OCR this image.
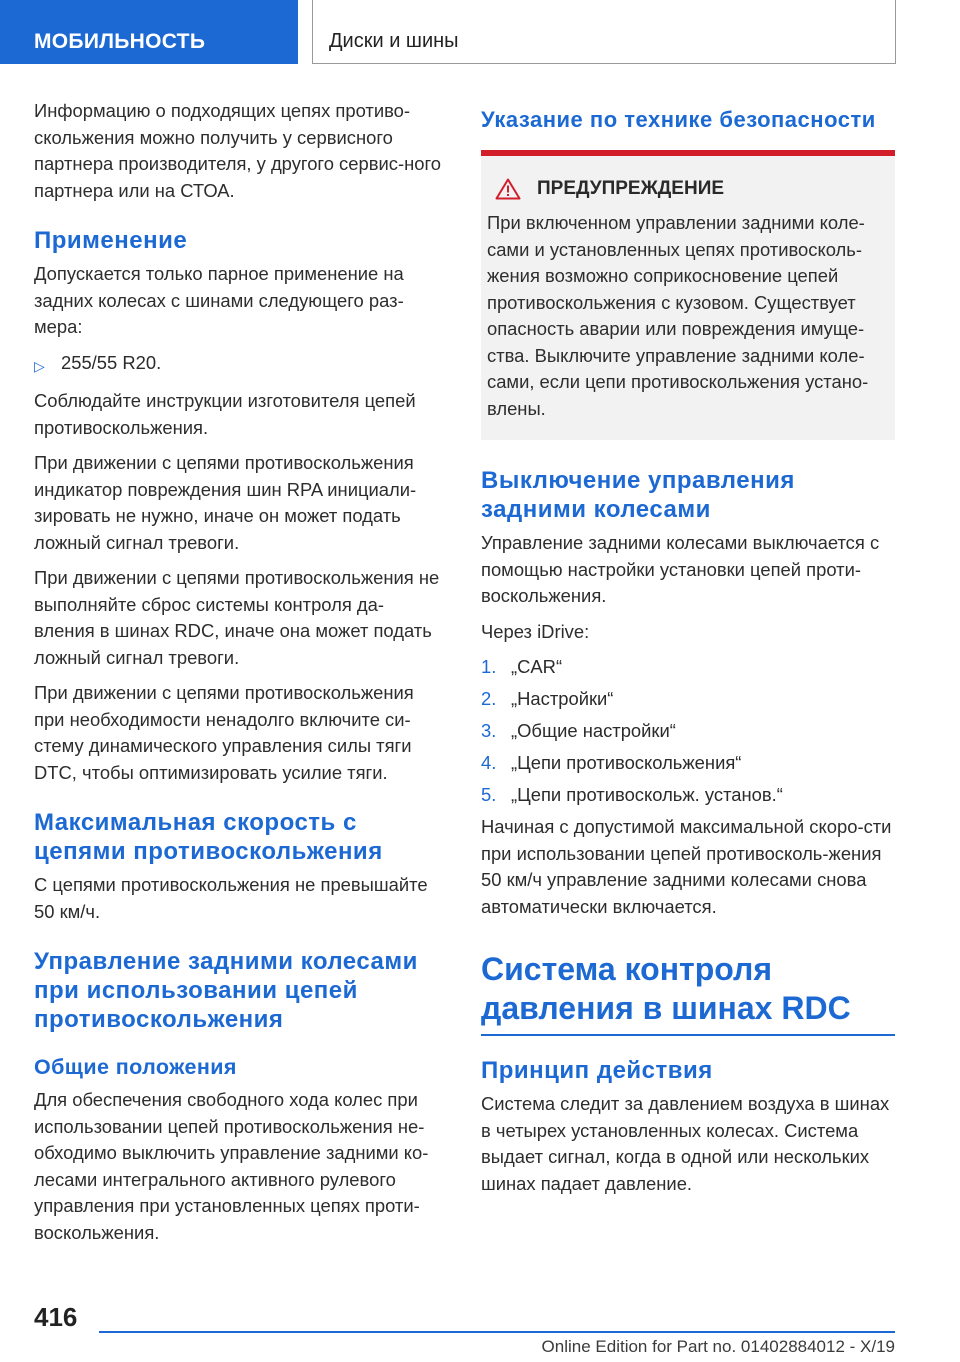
МОБИЛЬНОСТЬ	Диски и шины

Информацию о подходящих цепях противо-скольжения можно получить у сервисного партнера производителя, у другого сервис-ного партнера или на СТОА.

Применение

Допускается только парное применение на задних колесах с шинами следующего раз-мера:

▷ 255/55 R20.

Соблюдайте инструкции изготовителя цепей противоскольжения.

При движении с цепями противоскольжения индикатор повреждения шин RPA инициали-зировать не нужно, иначе он может подать ложный сигнал тревоги.

При движении с цепями противоскольжения не выполняйте сброс системы контроля да-вления в шинах RDC, иначе она может подать ложный сигнал тревоги.

При движении с цепями противоскольжения при необходимости ненадолго включите си-стему динамического управления силы тяги DTC, чтобы оптимизировать усилие тяги.

Максимальная скорость с цепями противоскольжения

С цепями противоскольжения не превышайте 50 км/ч.

Управление задними колесами при использовании цепей противоскольжения
Общие положения

Для обеспечения свободного хода колес при использовании цепей противоскольжения не-обходимо выключить управление задними ко-лесами интегрального активного рулевого управления при установленных цепях проти-воскольжения.

Указание по технике безопасности
ПРЕДУПРЕЖДЕНИЕ

При включенном управлении задними коле-сами и установленных цепях противосколь-жения возможно соприкосновение цепей противоскольжения с кузовом. Существует опасность аварии или повреждения имуще-ства. Выключите управление задними коле-сами, если цепи противоскольжения устано-влены.

Выключение управления задними колесами

Управление задними колесами выключается с помощью настройки установки цепей проти-воскольжения.

Через iDrive:

1. „CAR“
2. „Настройки“
3. „Общие настройки“
4. „Цепи противоскольжения“
5. „Цепи противоскольж. установ.“

Начиная с допустимой максимальной скоро-сти при использовании цепей противосколь-жения 50 км/ч управление задними колесами снова автоматически включается.

Система контроля давления в шинах RDC
Принцип действия

Система следит за давлением воздуха в шинах в четырех установленных колесах. Система выдает сигнал, когда в одной или нескольких шинах падает давление.

416
Online Edition for Part no. 01402884012 - X/19
